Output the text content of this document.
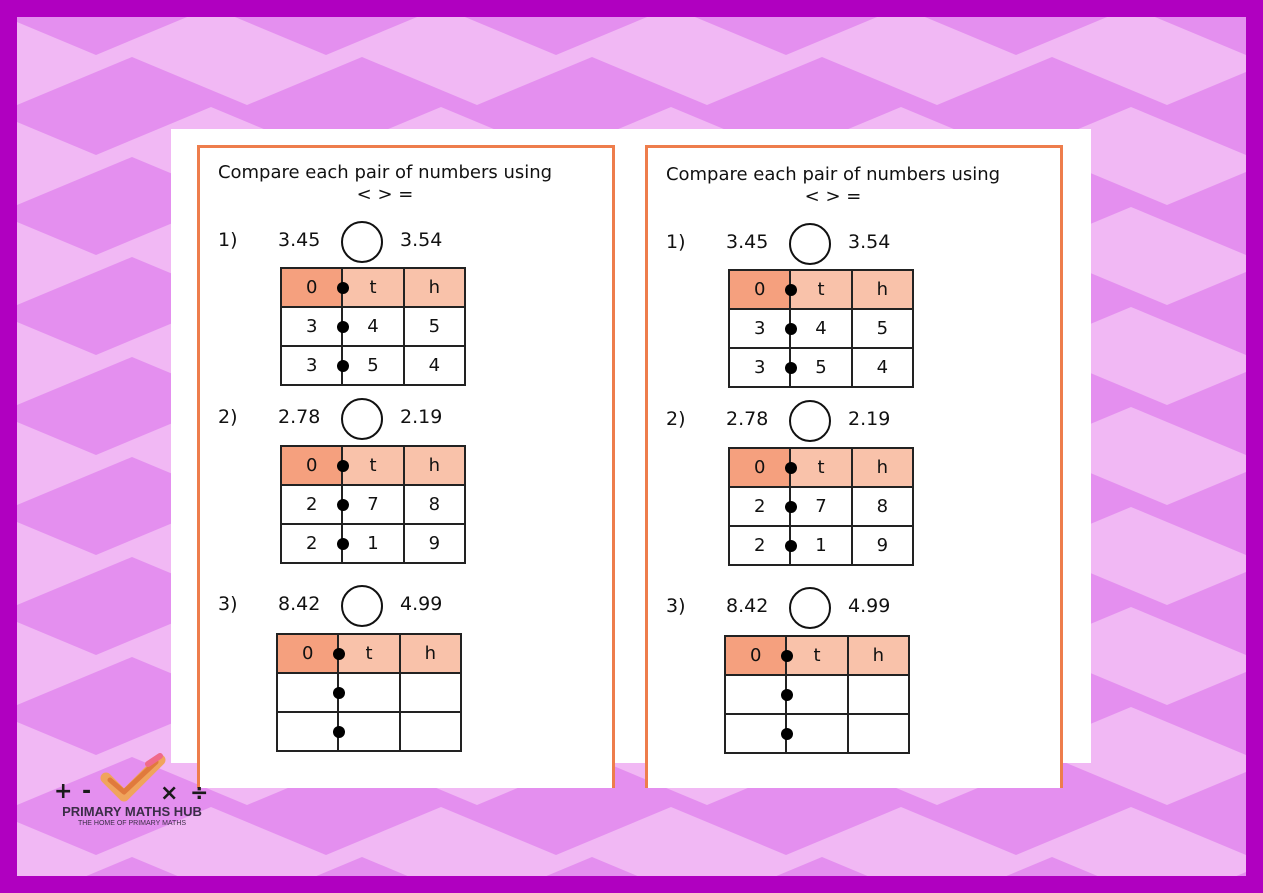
Compare each pair of numbers using
< > =
1) 3.45	3.54
0	t	h
3	4	5
3	5	4
2) 2.78	2.19
0	t	h
2	7	8
2	1	9
3) 8.42	4.99
0	t	h
Compare each pair of numbers using
< > =
1) 3.45	3.54
0	t	h
3	4	5
3	5	4
2) 2.78	2.19
0	t	h
2	7	8
2	1	9
3) 8.42	4.99
0	t	h
+ -	× ÷
PRIMARY MATHS HUB
THE HOME OF PRIMARY MATHS
